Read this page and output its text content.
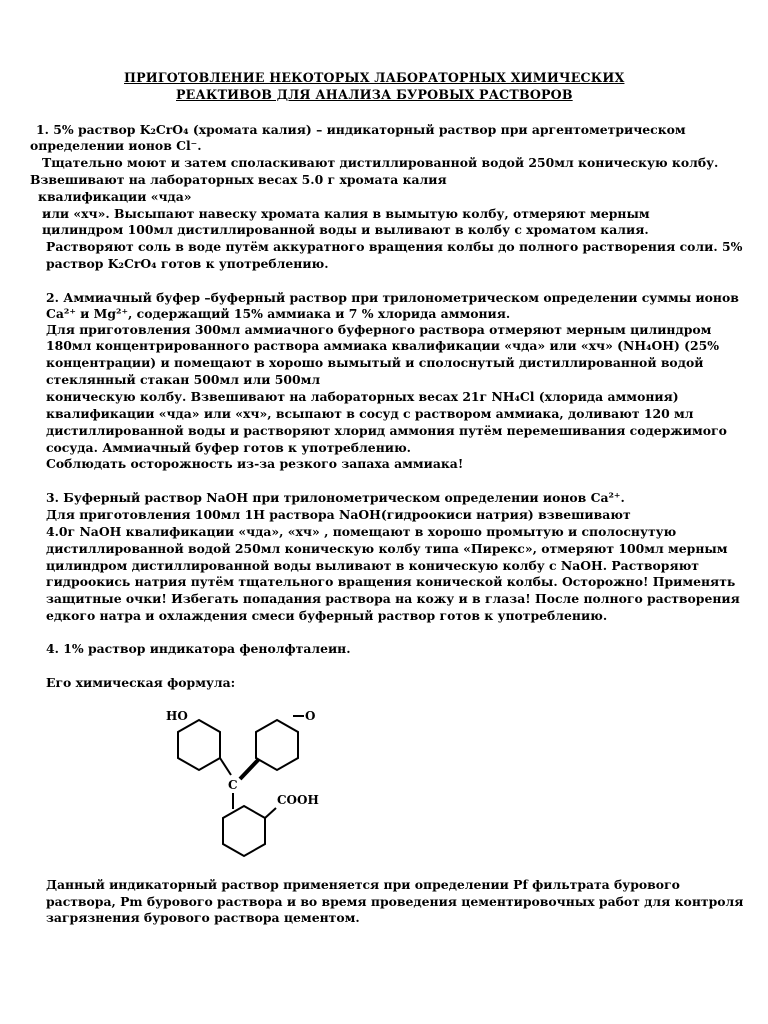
ПРИГОТОВЛЕНИЕ НЕКОТОРЫХ ЛАБОРАТОРНЫХ ХИМИЧЕСКИХ
РЕАКТИВОВ ДЛЯ АНАЛИЗА БУРОВЫХ РАСТВОРОВ
1. 5% раствор K₂CrO₄ (хромата калия) – индикаторный раствор при аргентометрическом
определении ионов Cl⁻.
Тщательно моют и затем споласкивают дистиллированной водой 250мл коническую колбу.
Взвешивают на лабораторных весах 5.0 г хромата калия
квалификации «чда»
или «хч». Высыпают навеску хромата калия в вымытую колбу, отмеряют мерным
цилиндром 100мл дистиллированной воды и выливают в колбу с хроматом калия.
Растворяют соль в воде путём аккуратного вращения колбы до полного растворения соли. 5%
раствор K₂CrO₄ готов к употреблению.
2. Аммиачный буфер –буферный раствор при трилонометрическом определении суммы ионов
Ca²⁺ и Mg²⁺, содержащий 15% аммиака и 7 % хлорида аммония.
Для приготовления 300мл аммиачного буферного раствора отмеряют мерным цилиндром
180мл концентрированного раствора аммиака квалификации «чда» или «хч» (NH₄OH) (25%
концентрации) и помещают в хорошо вымытый и сполоснутый дистиллированной водой
стеклянный стакан 500мл или 500мл
коническую колбу. Взвешивают на лабораторных весах 21г NH₄Cl (хлорида аммония)
квалификации «чда» или «хч», всыпают в сосуд с раствором аммиака, доливают 120 мл
дистиллированной воды и растворяют хлорид аммония путём перемешивания содержимого
сосуда. Аммиачный буфер готов к употреблению.
Соблюдать осторожность из-за резкого запаха аммиака!
3. Буферный раствор NaOH при трилонометрическом определении ионов Ca²⁺.
Для приготовления 100мл 1Н раствора NaOH(гидроокиси натрия) взвешивают
4.0г NaOH квалификации «чда», «хч» , помещают в хорошо промытую и сполоснутую
дистиллированной водой 250мл коническую колбу типа «Пирекс», отмеряют 100мл мерным
цилиндром дистиллированной воды выливают в коническую колбу с NaOH. Растворяют
гидроокись натрия путём тщательного вращения конической колбы. Осторожно! Применять
защитные очки! Избегать попадания раствора на кожу и в глаза! После полного растворения
едкого натра и охлаждения смеси буферный раствор готов к употреблению.
4. 1% раствор индикатора фенолфталеин.
Его химическая формула:
HO	O
C
COOH
Данный индикаторный раствор применяется при определении Pf фильтрата бурового
раствора, Pm бурового раствора и во время проведения цементировочных работ для контроля
загрязнения бурового раствора цементом.
